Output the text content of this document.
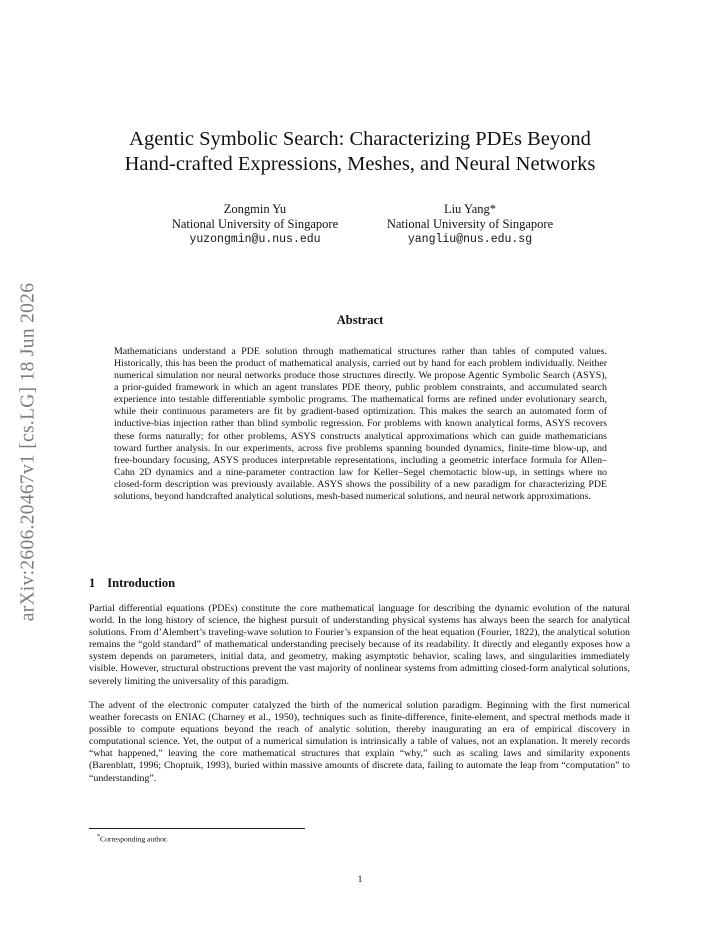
arXiv:2606.20467v1 [cs.LG] 18 Jun 2026
Agentic Symbolic Search: Characterizing PDEs Beyond
Hand-crafted Expressions, Meshes, and Neural Networks
Zongmin Yu
National University of Singapore
yuzongmin@u.nus.edu
Liu Yang*
National University of Singapore
yangliu@nus.edu.sg
Abstract

Mathematicians understand a PDE solution through mathematical structures rather than tables of computed values. Historically, this has been the product of mathematical analysis, carried out by hand for each problem individually. Neither numerical simulation nor neural networks produce those structures directly. We propose Agentic Symbolic Search (ASYS), a prior-guided framework in which an agent translates PDE theory, public problem constraints, and accumulated search experience into testable differentiable symbolic programs. The mathematical forms are refined under evolutionary search, while their continuous parameters are fit by gradient-based optimization. This makes the search an automated form of inductive-bias injection rather than blind symbolic regression. For problems with known analytical forms, ASYS recovers these forms naturally; for other problems, ASYS constructs analytical approximations which can guide mathematicians toward further analysis. In our experiments, across five problems spanning bounded dynamics, finite-time blow-up, and free-boundary focusing, ASYS produces interpretable representations, including a geometric interface formula for Allen–Cahn 2D dynamics and a nine-parameter contraction law for Keller–Segel chemotactic blow-up, in settings where no closed-form description was previously available. ASYS shows the possibility of a new paradigm for characterizing PDE solutions, beyond handcrafted analytical solutions, mesh-based numerical solutions, and neural network approximations.

1 Introduction

Partial differential equations (PDEs) constitute the core mathematical language for describing the dynamic evolution of the natural world. In the long history of science, the highest pursuit of understanding physical systems has always been the search for analytical solutions. From d’Alembert’s traveling-wave solution to Fourier’s expansion of the heat equation (Fourier, 1822), the analytical solution remains the “gold standard” of mathematical understanding precisely because of its readability. It directly and elegantly exposes how a system depends on parameters, initial data, and geometry, making asymptotic behavior, scaling laws, and singularities immediately visible. However, structural obstructions prevent the vast majority of nonlinear systems from admitting closed-form analytical solutions, severely limiting the universality of this paradigm.

The advent of the electronic computer catalyzed the birth of the numerical solution paradigm. Beginning with the first numerical weather forecasts on ENIAC (Charney et al., 1950), techniques such as finite-difference, finite-element, and spectral methods made it possible to compute equations beyond the reach of analytic solution, thereby inaugurating an era of empirical discovery in computational science. Yet, the output of a numerical simulation is intrinsically a table of values, not an explanation. It merely records “what happened,” leaving the core mathematical structures that explain “why,” such as scaling laws and similarity exponents (Barenblatt, 1996; Choptuik, 1993), buried within massive amounts of discrete data, failing to automate the leap from “computation” to “understanding”.

*Corresponding author.

1
